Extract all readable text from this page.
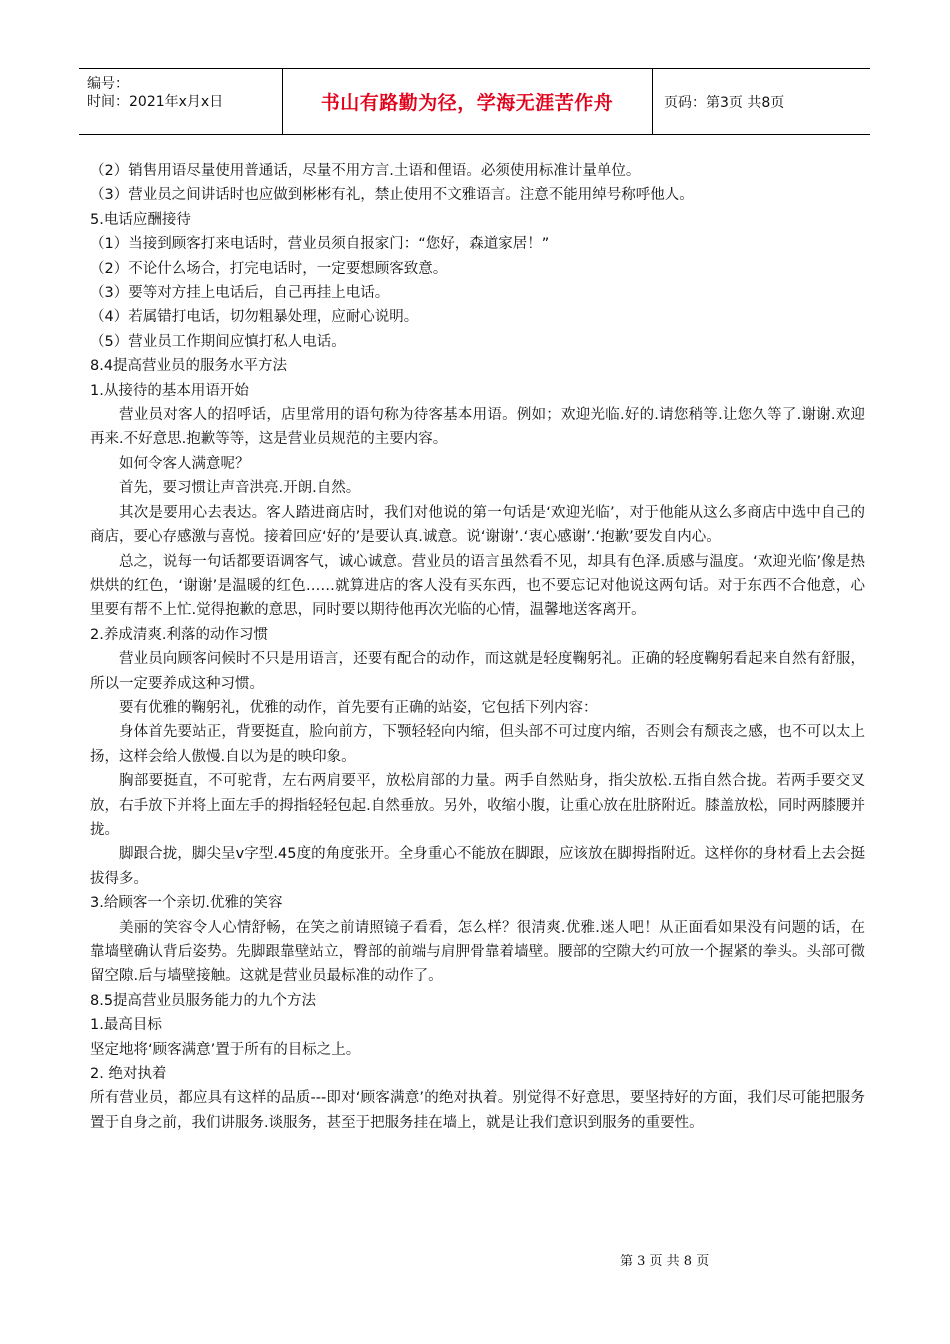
编号：
时间：2021年x月x日	书山有路勤为径，学海无涯苦作舟	页码：第3页 共8页

（2）销售用语尽量使用普通话，尽量不用方言.土语和俚语。必须使用标准计量单位。

（3）营业员之间讲话时也应做到彬彬有礼，禁止使用不文雅语言。注意不能用绰号称呼他人。

5.电话应酬接待

（1）当接到顾客打来电话时，营业员须自报家门：“您好，森道家居！”

（2）不论什么场合，打完电话时，一定要想顾客致意。

（3）要等对方挂上电话后，自己再挂上电话。

（4）若属错打电话，切勿粗暴处理，应耐心说明。

（5）营业员工作期间应慎打私人电话。

8.4提高营业员的服务水平方法

1.从接待的基本用语开始

营业员对客人的招呼话，店里常用的语句称为待客基本用语。例如；欢迎光临.好的.请您稍等.让您久等了.谢谢.欢迎再来.不好意思.抱歉等等，这是营业员规范的主要内容。

如何令客人满意呢？

首先，要习惯让声音洪亮.开朗.自然。

其次是要用心去表达。客人踏进商店时，我们对他说的第一句话是‘欢迎光临’，对于他能从这么多商店中选中自己的商店，要心存感激与喜悦。接着回应‘好的’是要认真.诚意。说‘谢谢’.‘衷心感谢’.‘抱歉’要发自内心。

总之，说每一句话都要语调客气，诚心诚意。营业员的语言虽然看不见，却具有色泽.质感与温度。‘欢迎光临’像是热烘烘的红色，‘谢谢’是温暖的红色……就算进店的客人没有买东西，也不要忘记对他说这两句话。对于东西不合他意，心里要有帮不上忙.觉得抱歉的意思，同时要以期待他再次光临的心情，温馨地送客离开。

2.养成清爽.利落的动作习惯

营业员向顾客问候时不只是用语言，还要有配合的动作，而这就是轻度鞠躬礼。正确的轻度鞠躬看起来自然有舒服，所以一定要养成这种习惯。

要有优雅的鞠躬礼，优雅的动作，首先要有正确的站姿，它包括下列内容：

身体首先要站正，背要挺直，脸向前方，下颚轻轻向内缩，但头部不可过度内缩，否则会有颓丧之感，也不可以太上扬，这样会给人傲慢.自以为是的映印象。

胸部要挺直，不可驼背，左右两肩要平，放松肩部的力量。两手自然贴身，指尖放松.五指自然合拢。若两手要交叉放，右手放下并将上面左手的拇指轻轻包起.自然垂放。另外，收缩小腹，让重心放在肚脐附近。膝盖放松，同时两膝腰并拢。

脚跟合拢，脚尖呈v字型.45度的角度张开。全身重心不能放在脚跟，应该放在脚拇指附近。这样你的身材看上去会挺拔得多。

3.给顾客一个亲切.优雅的笑容

美丽的笑容令人心情舒畅，在笑之前请照镜子看看，怎么样？很清爽.优雅.迷人吧！从正面看如果没有问题的话，在靠墙壁确认背后姿势。先脚跟靠壁站立，臀部的前端与肩胛骨靠着墙壁。腰部的空隙大约可放一个握紧的拳头。头部可微留空隙.后与墙壁接触。这就是营业员最标准的动作了。

8.5提高营业员服务能力的九个方法

1.最高目标

坚定地将‘顾客满意’置于所有的目标之上。

2. 绝对执着

所有营业员，都应具有这样的品质---即对‘顾客满意’的绝对执着。别觉得不好意思，要坚持好的方面，我们尽可能把服务置于自身之前，我们讲服务.谈服务，甚至于把服务挂在墙上，就是让我们意识到服务的重要性。

第 3 页 共 8 页
